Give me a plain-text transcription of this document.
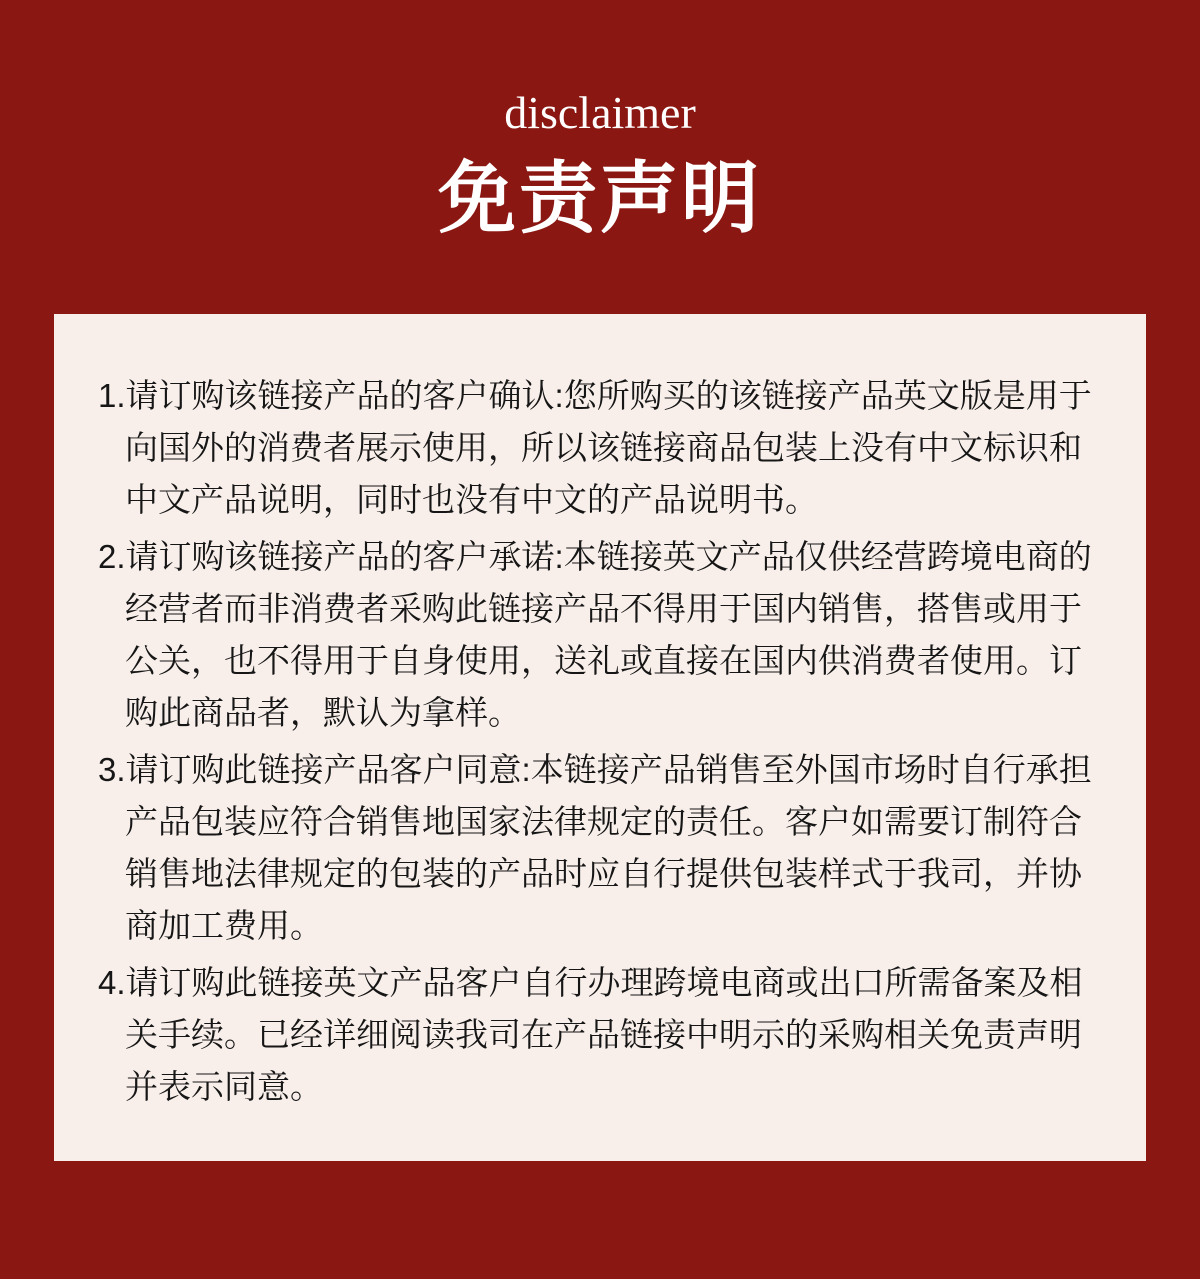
disclaimer
免责声明
1.请订购该链接产品的客户确认:您所购买的该链接产品英文版是用于
向国外的消费者展示使用，所以该链接商品包装上没有中文标识和
中文产品说明，同时也没有中文的产品说明书。
2.请订购该链接产品的客户承诺:本链接英文产品仅供经营跨境电商的
经营者而非消费者采购此链接产品不得用于国内销售，搭售或用于
公关，也不得用于自身使用，送礼或直接在国内供消费者使用。订
购此商品者，默认为拿样。
3.请订购此链接产品客户同意:本链接产品销售至外国市场时自行承担
产品包装应符合销售地国家法律规定的责任。客户如需要订制符合
销售地法律规定的包装的产品时应自行提供包装样式于我司，并协
商加工费用。
4.请订购此链接英文产品客户自行办理跨境电商或出口所需备案及相
关手续。已经详细阅读我司在产品链接中明示的采购相关免责声明
并表示同意。
